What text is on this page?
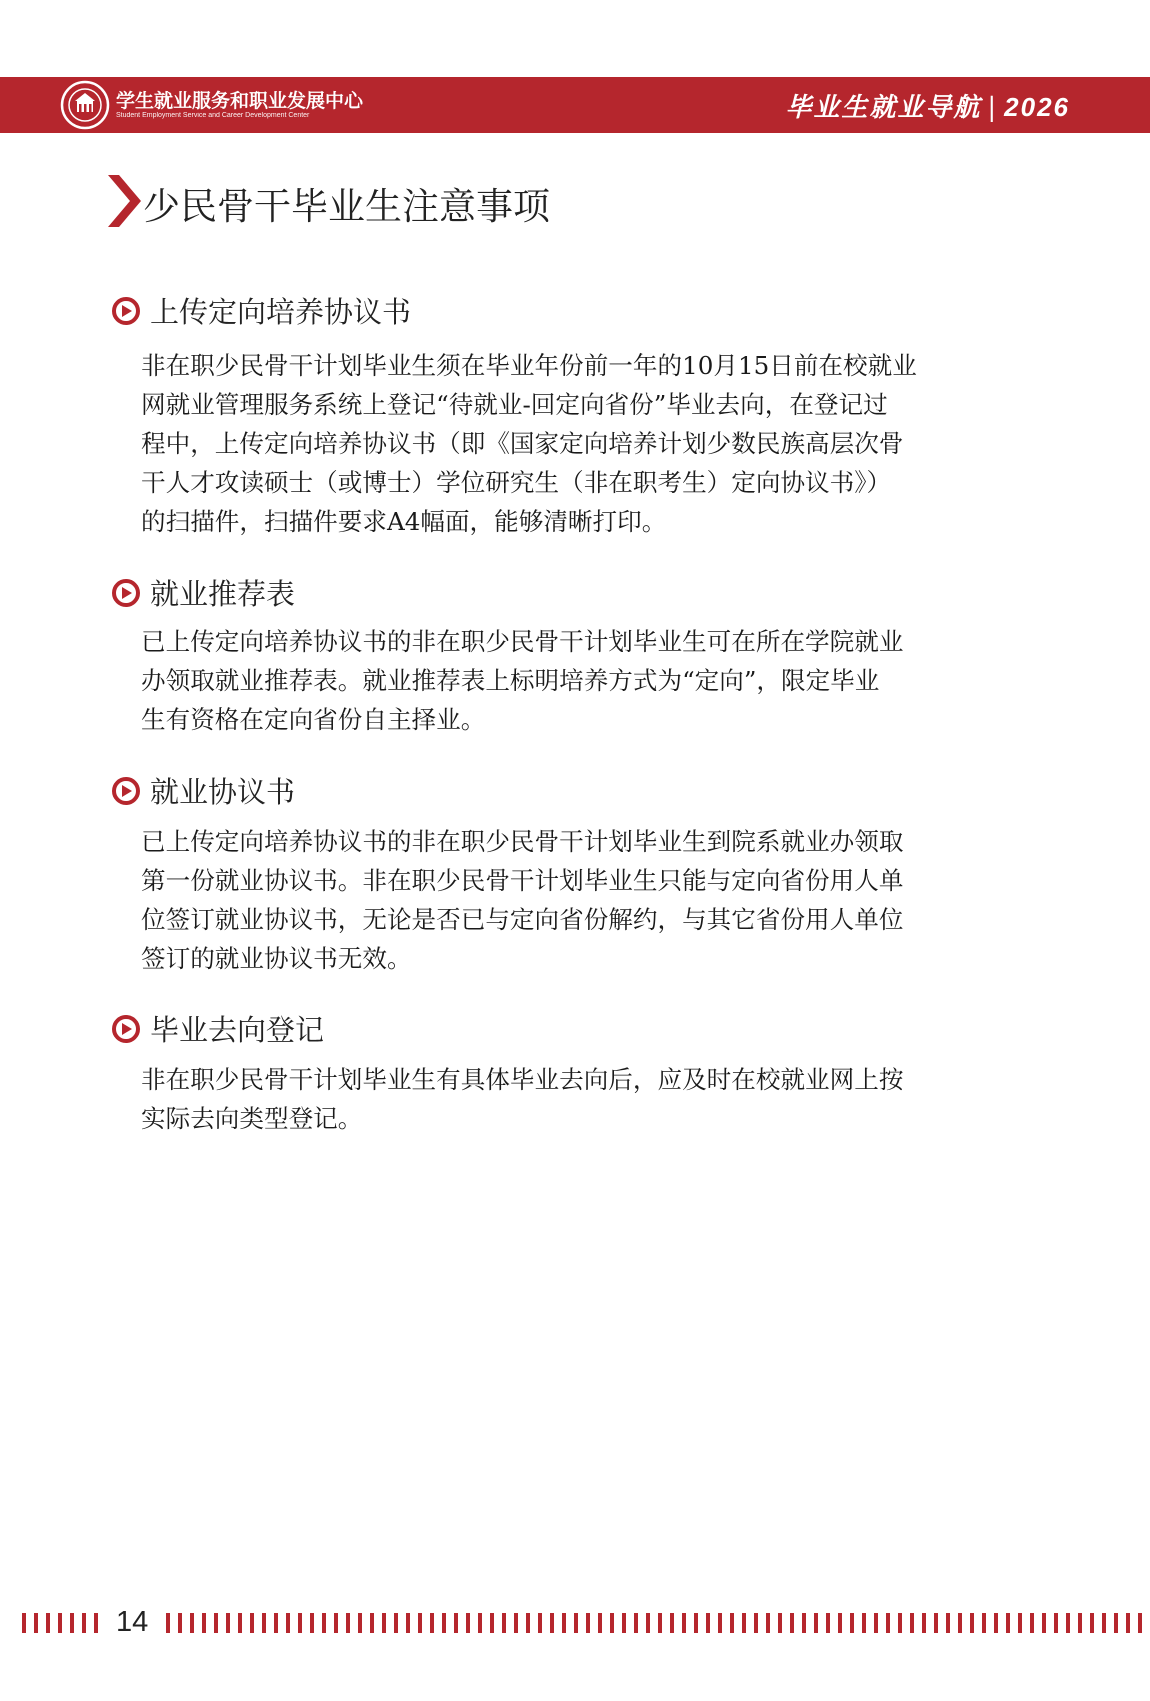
学生就业服务和职业发展中心
Student Employment Service and Career Development Center	毕业生就业导航 | 2026
少民骨干毕业生注意事项
上传定向培养协议书

非在职少民骨干计划毕业生须在毕业年份前一年的10月15日前在校就业
网就业管理服务系统上登记“待就业-回定向省份”毕业去向，在登记过
程中，上传定向培养协议书（即《国家定向培养计划少数民族高层次骨
干人才攻读硕士（或博士）学位研究生（非在职考生）定向协议书》）
的扫描件，扫描件要求A4幅面，能够清晰打印。

就业推荐表

已上传定向培养协议书的非在职少民骨干计划毕业生可在所在学院就业
办领取就业推荐表。就业推荐表上标明培养方式为“定向”，限定毕业
生有资格在定向省份自主择业。

就业协议书

已上传定向培养协议书的非在职少民骨干计划毕业生到院系就业办领取
第一份就业协议书。非在职少民骨干计划毕业生只能与定向省份用人单
位签订就业协议书，无论是否已与定向省份解约，与其它省份用人单位
签订的就业协议书无效。

毕业去向登记

非在职少民骨干计划毕业生有具体毕业去向后，应及时在校就业网上按
实际去向类型登记。

14
